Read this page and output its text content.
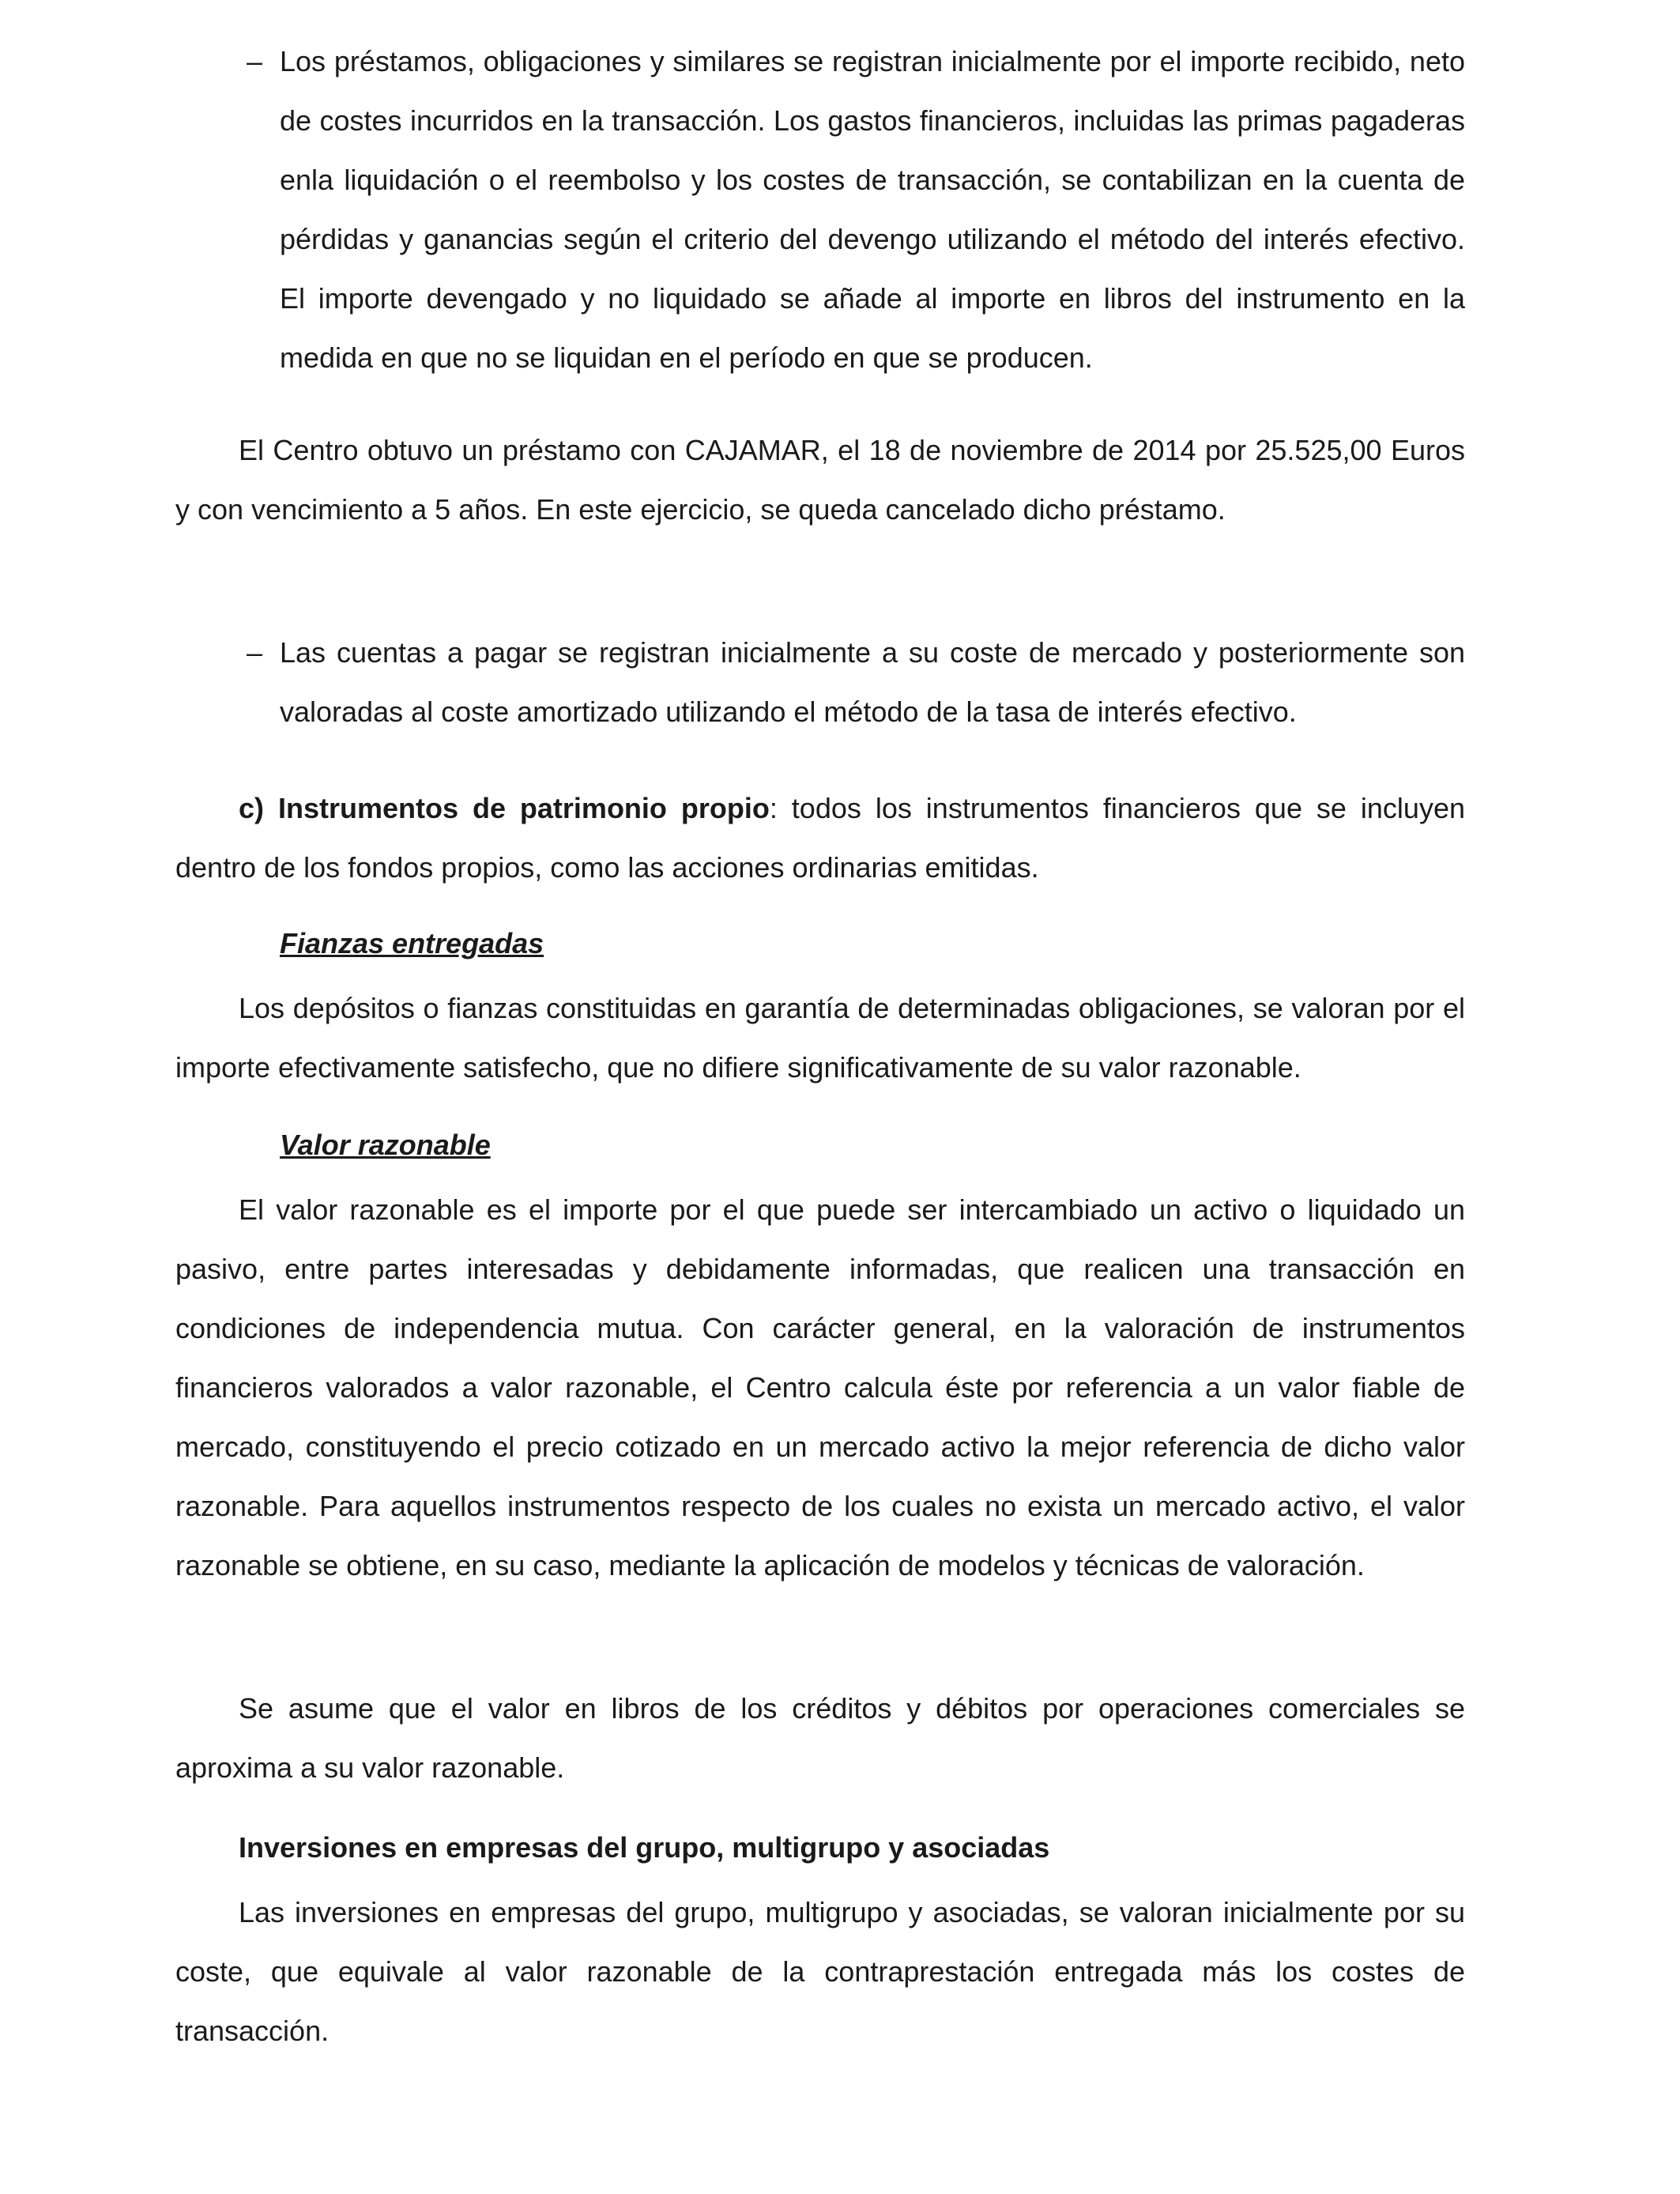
– Los préstamos, obligaciones y similares se registran inicialmente por el importe recibido, neto de costes incurridos en la transacción. Los gastos financieros, incluidas las primas pagaderas enla liquidación o el reembolso y los costes de transacción, se contabilizan en la cuenta de pérdidas y ganancias según el criterio del devengo utilizando el método del interés efectivo. El importe devengado y no liquidado se añade al importe en libros del instrumento en la medida en que no se liquidan en el período en que se producen.

El Centro obtuvo un préstamo con CAJAMAR, el 18 de noviembre de 2014 por 25.525,00 Euros y con vencimiento a 5 años. En este ejercicio, se queda cancelado dicho préstamo.

– Las cuentas a pagar se registran inicialmente a su coste de mercado y posteriormente son valoradas al coste amortizado utilizando el método de la tasa de interés efectivo.

c) Instrumentos de patrimonio propio: todos los instrumentos financieros que se incluyen dentro de los fondos propios, como las acciones ordinarias emitidas.

Fianzas entregadas

Los depósitos o fianzas constituidas en garantía de determinadas obligaciones, se valoran por el importe efectivamente satisfecho, que no difiere significativamente de su valor razonable.

Valor razonable

El valor razonable es el importe por el que puede ser intercambiado un activo o liquidado un pasivo, entre partes interesadas y debidamente informadas, que realicen una transacción en condiciones de independencia mutua. Con carácter general, en la valoración de instrumentos financieros valorados a valor razonable, el Centro calcula éste por referencia a un valor fiable de mercado, constituyendo el precio cotizado en un mercado activo la mejor referencia de dicho valor razonable. Para aquellos instrumentos respecto de los cuales no exista un mercado activo, el valor razonable se obtiene, en su caso, mediante la aplicación de modelos y técnicas de valoración.

Se asume que el valor en libros de los créditos y débitos por operaciones comerciales se aproxima a su valor razonable.

Inversiones en empresas del grupo, multigrupo y asociadas

Las inversiones en empresas del grupo, multigrupo y asociadas, se valoran inicialmente por su coste, que equivale al valor razonable de la contraprestación entregada más los costes de transacción.
